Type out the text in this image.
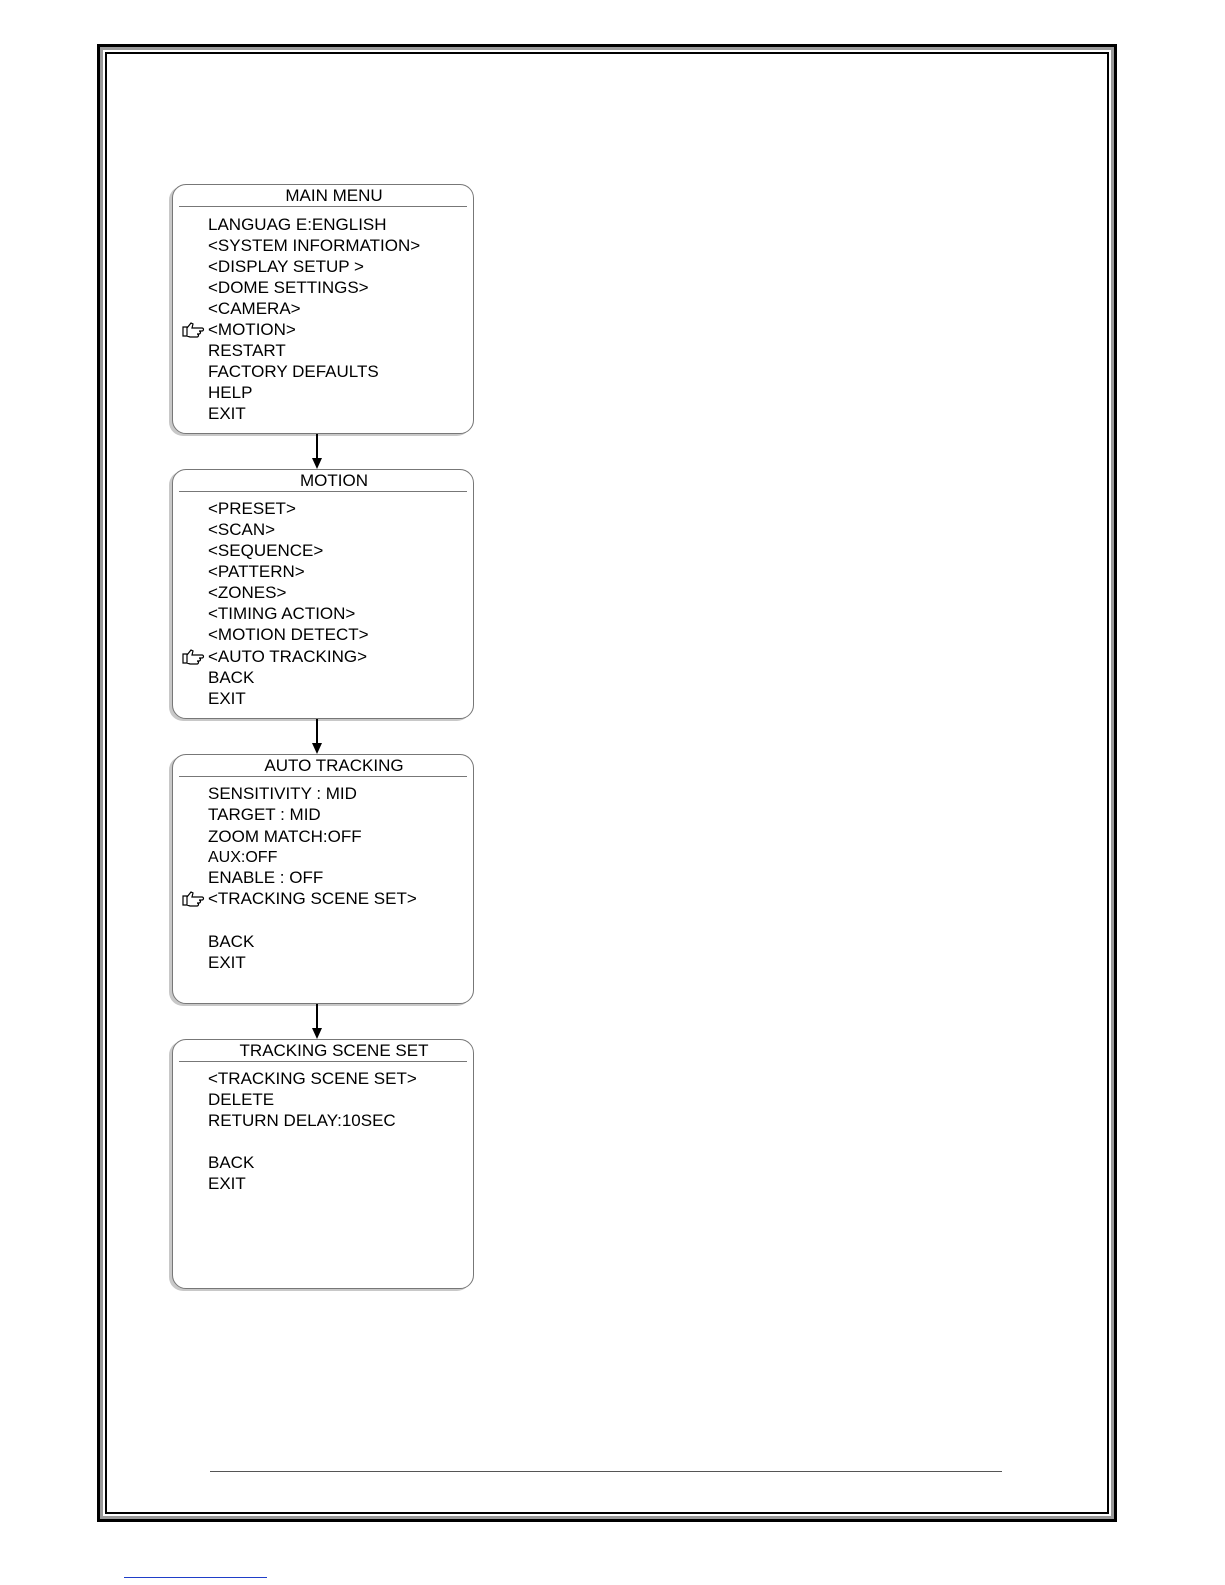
MAIN MENU
LANGUAG E:ENGLISH
<SYSTEM INFORMATION>
<DISPLAY SETUP >
<DOME SETTINGS>
<CAMERA>
<MOTION>
RESTART
FACTORY DEFAULTS
HELP
EXIT
MOTION
<PRESET>
<SCAN>
<SEQUENCE>
<PATTERN>
<ZONES>
<TIMING ACTION>
<MOTION DETECT>
<AUTO TRACKING>
BACK
EXIT
AUTO TRACKING
SENSITIVITY : MID
TARGET : MID
ZOOM MATCH:OFF
AUX:OFF
ENABLE : OFF
<TRACKING SCENE SET>
BACK
EXIT
TRACKING SCENE SET
<TRACKING SCENE SET>
DELETE
RETURN DELAY:10SEC
BACK
EXIT
